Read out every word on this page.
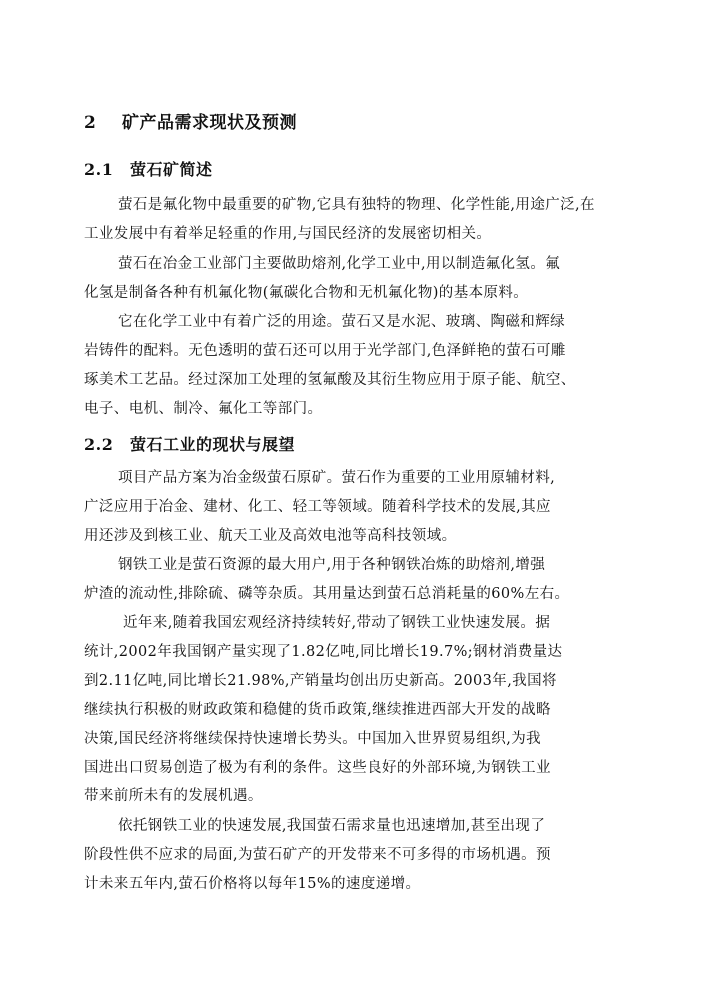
2 矿产品需求现状及预测
2.1 萤石矿简述
萤石是氟化物中最重要的矿物,它具有独特的物理、化学性能,用途广泛,在
工业发展中有着举足轻重的作用,与国民经济的发展密切相关。
萤石在冶金工业部门主要做助熔剂,化学工业中,用以制造氟化氢。氟
化氢是制备各种有机氟化物(氟碳化合物和无机氟化物)的基本原料。
它在化学工业中有着广泛的用途。萤石又是水泥、玻璃、陶磁和辉绿
岩铸件的配料。无色透明的萤石还可以用于光学部门,色泽鲜艳的萤石可雕
琢美术工艺品。经过深加工处理的氢氟酸及其衍生物应用于原子能、航空、
电子、电机、制冷、氟化工等部门。
2.2 萤石工业的现状与展望
项目产品方案为冶金级萤石原矿。萤石作为重要的工业用原辅材料,
广泛应用于冶金、建材、化工、轻工等领域。随着科学技术的发展,其应
用还涉及到核工业、航天工业及高效电池等高科技领域。
钢铁工业是萤石资源的最大用户,用于各种钢铁冶炼的助熔剂,增强
炉渣的流动性,排除硫、磷等杂质。其用量达到萤石总消耗量的60%左右。
近年来,随着我国宏观经济持续转好,带动了钢铁工业快速发展。据
统计,2002年我国钢产量实现了1.82亿吨,同比增长19.7%;钢材消费量达
到2.11亿吨,同比增长21.98%,产销量均创出历史新高。2003年,我国将
继续执行积极的财政政策和稳健的货币政策,继续推进西部大开发的战略
决策,国民经济将继续保持快速增长势头。中国加入世界贸易组织,为我
国进出口贸易创造了极为有利的条件。这些良好的外部环境,为钢铁工业
带来前所未有的发展机遇。
依托钢铁工业的快速发展,我国萤石需求量也迅速增加,甚至出现了
阶段性供不应求的局面,为萤石矿产的开发带来不可多得的市场机遇。预
计未来五年内,萤石价格将以每年15%的速度递增。
